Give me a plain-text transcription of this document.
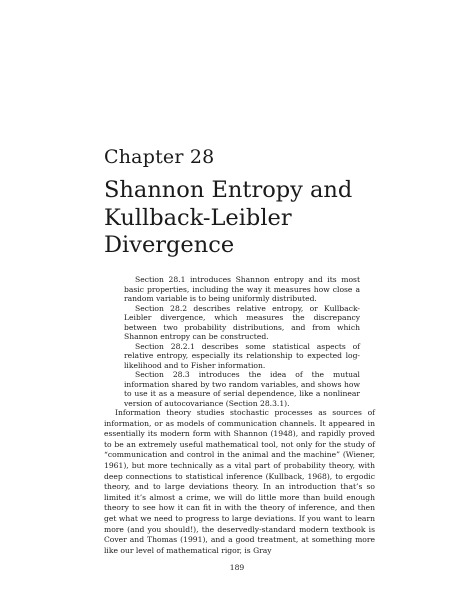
Chapter 28
Shannon Entropy and
Kullback-Leibler
Divergence

Section 28.1 introduces Shannon entropy and its most basic properties, including the way it measures how close a random variable is to being uniformly distributed.

Section 28.2 describes relative entropy, or Kullback-Leibler divergence, which measures the discrepancy between two probability distributions, and from which Shannon entropy can be constructed.

Section 28.2.1 describes some statistical aspects of relative entropy, especially its relationship to expected log-likelihood and to Fisher information.

Section 28.3 introduces the idea of the mutual information shared by two random variables, and shows how to use it as a measure of serial dependence, like a nonlinear version of autocovariance (Section 28.3.1).

Information theory studies stochastic processes as sources of information, or as models of communication channels. It appeared in essentially its modern form with Shannon (1948), and rapidly proved to be an extremely useful mathematical tool, not only for the study of “communication and control in the animal and the machine” (Wiener, 1961), but more technically as a vital part of probability theory, with deep connections to statistical inference (Kullback, 1968), to ergodic theory, and to large deviations theory. In an introduction that’s so limited it’s almost a crime, we will do little more than build enough theory to see how it can fit in with the theory of inference, and then get what we need to progress to large deviations. If you want to learn more (and you should!), the deservedly-standard modern textbook is Cover and Thomas (1991), and a good treatment, at something more like our level of mathematical rigor, is Gray

189
